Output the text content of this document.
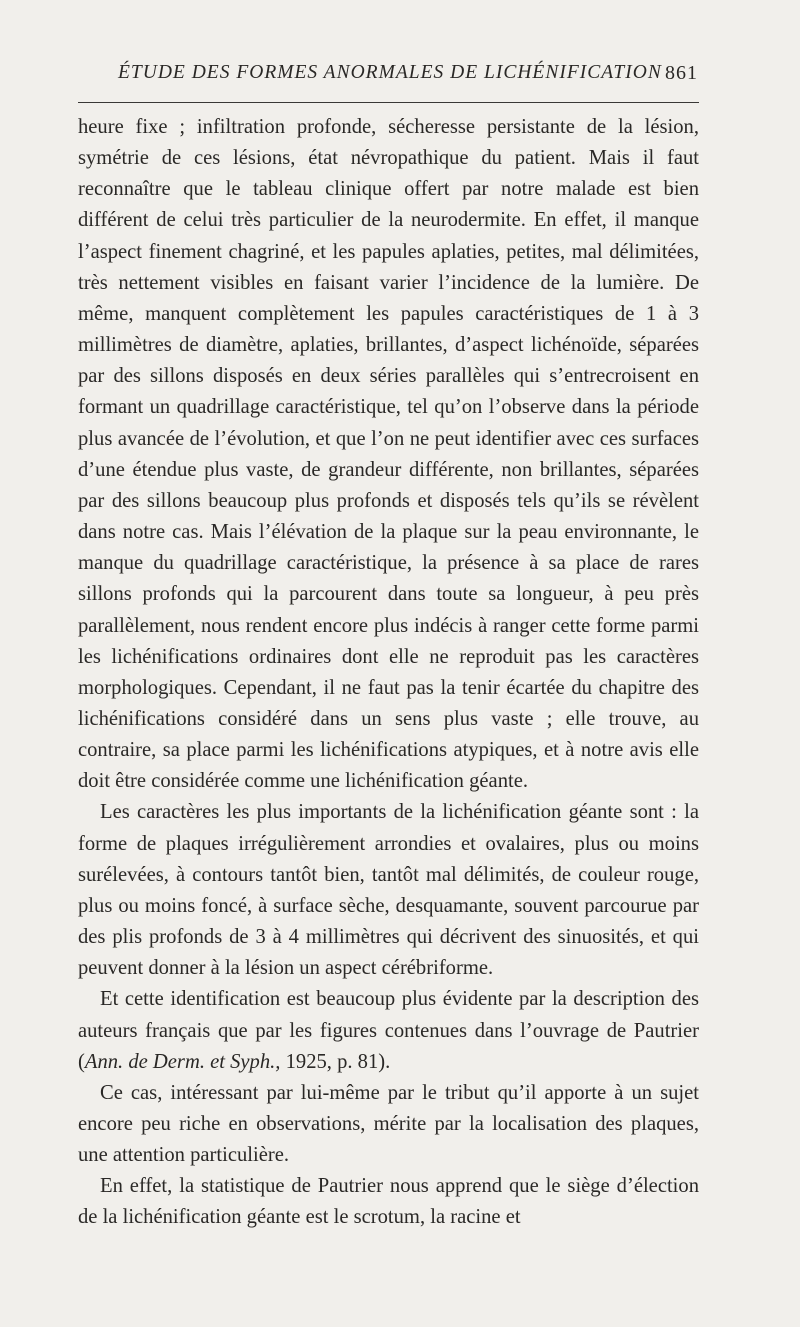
ÉTUDE DES FORMES ANORMALES DE LICHÉNIFICATION 861

heure fixe ; infiltration profonde, sécheresse persistante de la lésion, symétrie de ces lésions, état névropathique du patient. Mais il faut reconnaître que le tableau clinique offert par notre malade est bien différent de celui très particulier de la neurodermite. En effet, il manque l’aspect finement chagriné, et les papules aplaties, petites, mal délimitées, très nettement visibles en faisant varier l’incidence de la lumière. De même, manquent complètement les papules caractéristiques de 1 à 3 millimètres de diamètre, aplaties, brillantes, d’aspect lichénoïde, séparées par des sillons disposés en deux séries parallèles qui s’entrecroisent en formant un quadrillage caractéristique, tel qu’on l’observe dans la période plus avancée de l’évolution, et que l’on ne peut identifier avec ces surfaces d’une étendue plus vaste, de grandeur différente, non brillantes, séparées par des sillons beaucoup plus profonds et disposés tels qu’ils se révèlent dans notre cas. Mais l’élévation de la plaque sur la peau environnante, le manque du quadrillage caractéristique, la présence à sa place de rares sillons profonds qui la parcourent dans toute sa longueur, à peu près parallèlement, nous rendent encore plus indécis à ranger cette forme parmi les lichénifications ordinaires dont elle ne reproduit pas les caractères morphologiques. Cependant, il ne faut pas la tenir écartée du chapitre des lichénifications considéré dans un sens plus vaste ; elle trouve, au contraire, sa place parmi les lichénifications atypiques, et à notre avis elle doit être considérée comme une lichénification géante.

Les caractères les plus importants de la lichénification géante sont : la forme de plaques irrégulièrement arrondies et ovalaires, plus ou moins surélevées, à contours tantôt bien, tantôt mal délimités, de couleur rouge, plus ou moins foncé, à surface sèche, desquamante, souvent parcourue par des plis profonds de 3 à 4 millimètres qui décrivent des sinuosités, et qui peuvent donner à la lésion un aspect cérébriforme.

Et cette identification est beaucoup plus évidente par la description des auteurs français que par les figures contenues dans l’ouvrage de Pautrier (Ann. de Derm. et Syph., 1925, p. 81).

Ce cas, intéressant par lui-même par le tribut qu’il apporte à un sujet encore peu riche en observations, mérite par la localisation des plaques, une attention particulière.

En effet, la statistique de Pautrier nous apprend que le siège d’élection de la lichénification géante est le scrotum, la racine et
